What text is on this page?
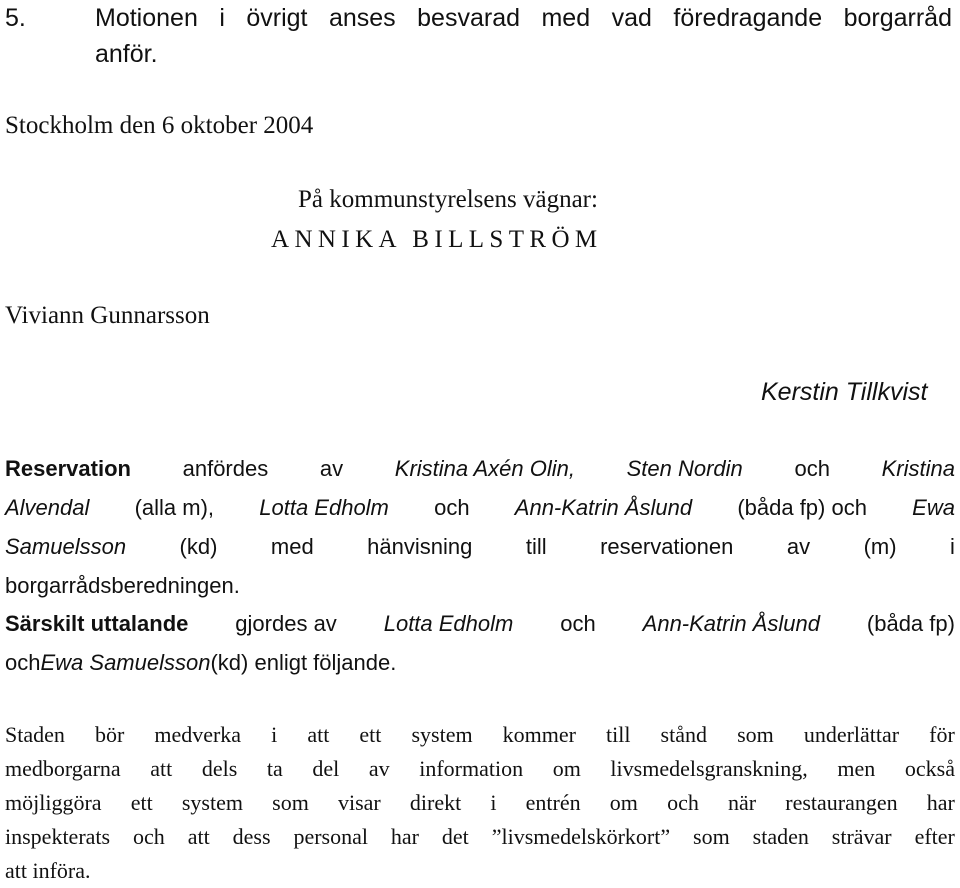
5.	Motionen i övrigt anses besvarad med vad föredragande borgarråd
anför.
Stockholm den 6 oktober 2004
På kommunstyrelsens vägnar:
ANNIKA BILLSTRÖM
Viviann Gunnarsson
Kerstin Tillkvist
Reservation anfördes av Kristina Axén Olin, Sten Nordin och Kristina
Alvendal (alla m), Lotta Edholm och Ann-Katrin Åslund (båda fp) och Ewa
Samuelsson (kd) med hänvisning till reservationen av (m) i
borgarrådsberedningen.
Särskilt uttalande gjordes av Lotta Edholm och Ann-Katrin Åslund (båda fp)
och Ewa Samuelsson (kd) enligt följande.
Staden bör medverka i att ett system kommer till stånd som underlättar för
medborgarna att dels ta del av information om livsmedelsgranskning, men också
möjliggöra ett system som visar direkt i entrén om och när restaurangen har
inspekterats och att dess personal har det ”livsmedelskörkort” som staden strävar efter
att införa.
